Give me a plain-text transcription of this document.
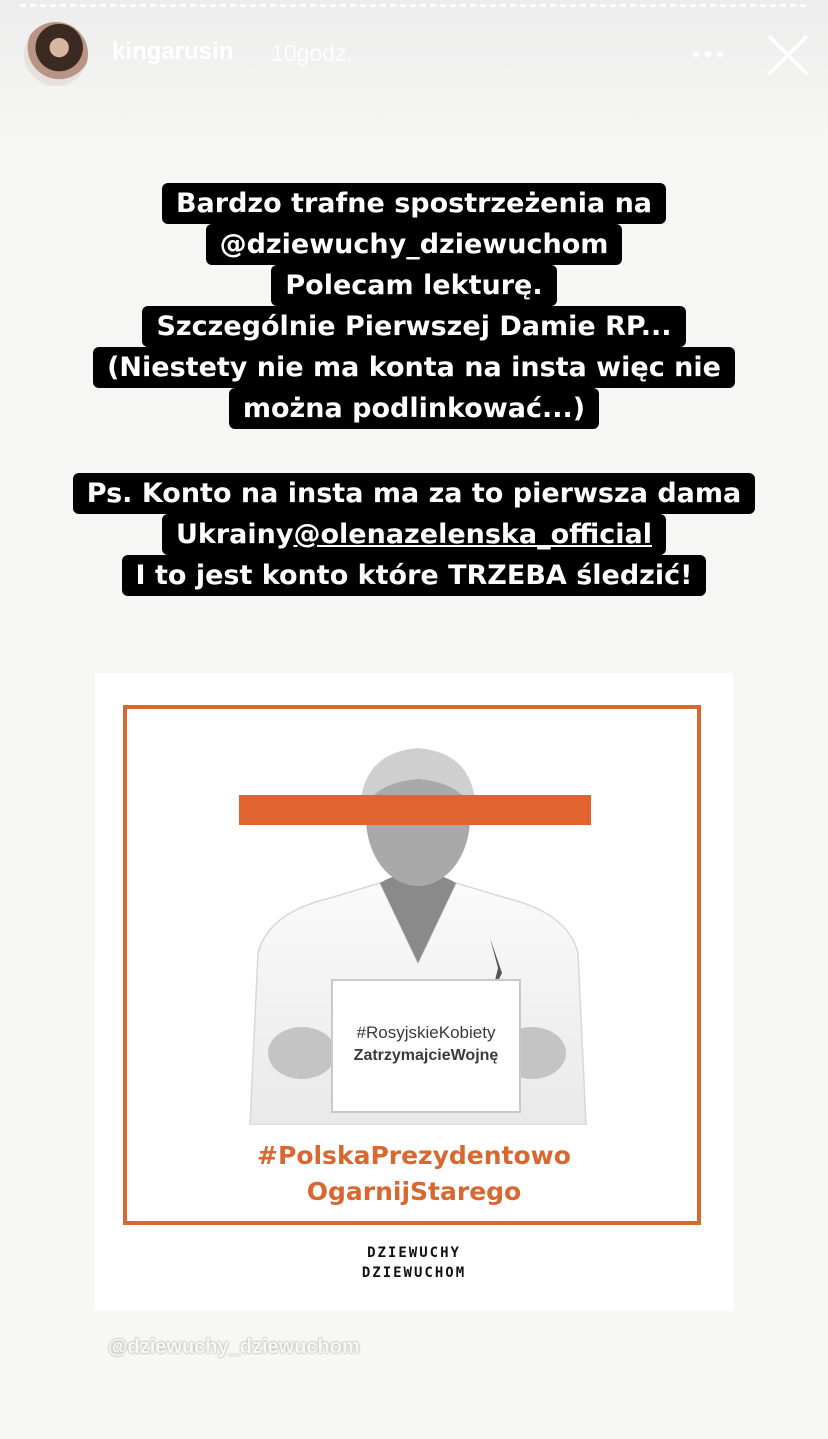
kingarusin 10godz.
Bardzo trafne spostrzeżenia na
@dziewuchy_dziewuchom
Polecam lekturę.
Szczególnie Pierwszej Damie RP...
(Niestety nie ma konta na insta więc nie
można podlinkować...)
Ps. Konto na insta ma za to pierwsza dama
Ukrainy@olenazelenska_official
I to jest konto które TRZEBA śledzić!
#RosyjskieKobiety
ZatrzymajcieWojnę
#PolskaPrezydentowo
OgarnijStarego
DZIEWUCHY
DZIEWUCHOM
@dziewuchy_dziewuchom
